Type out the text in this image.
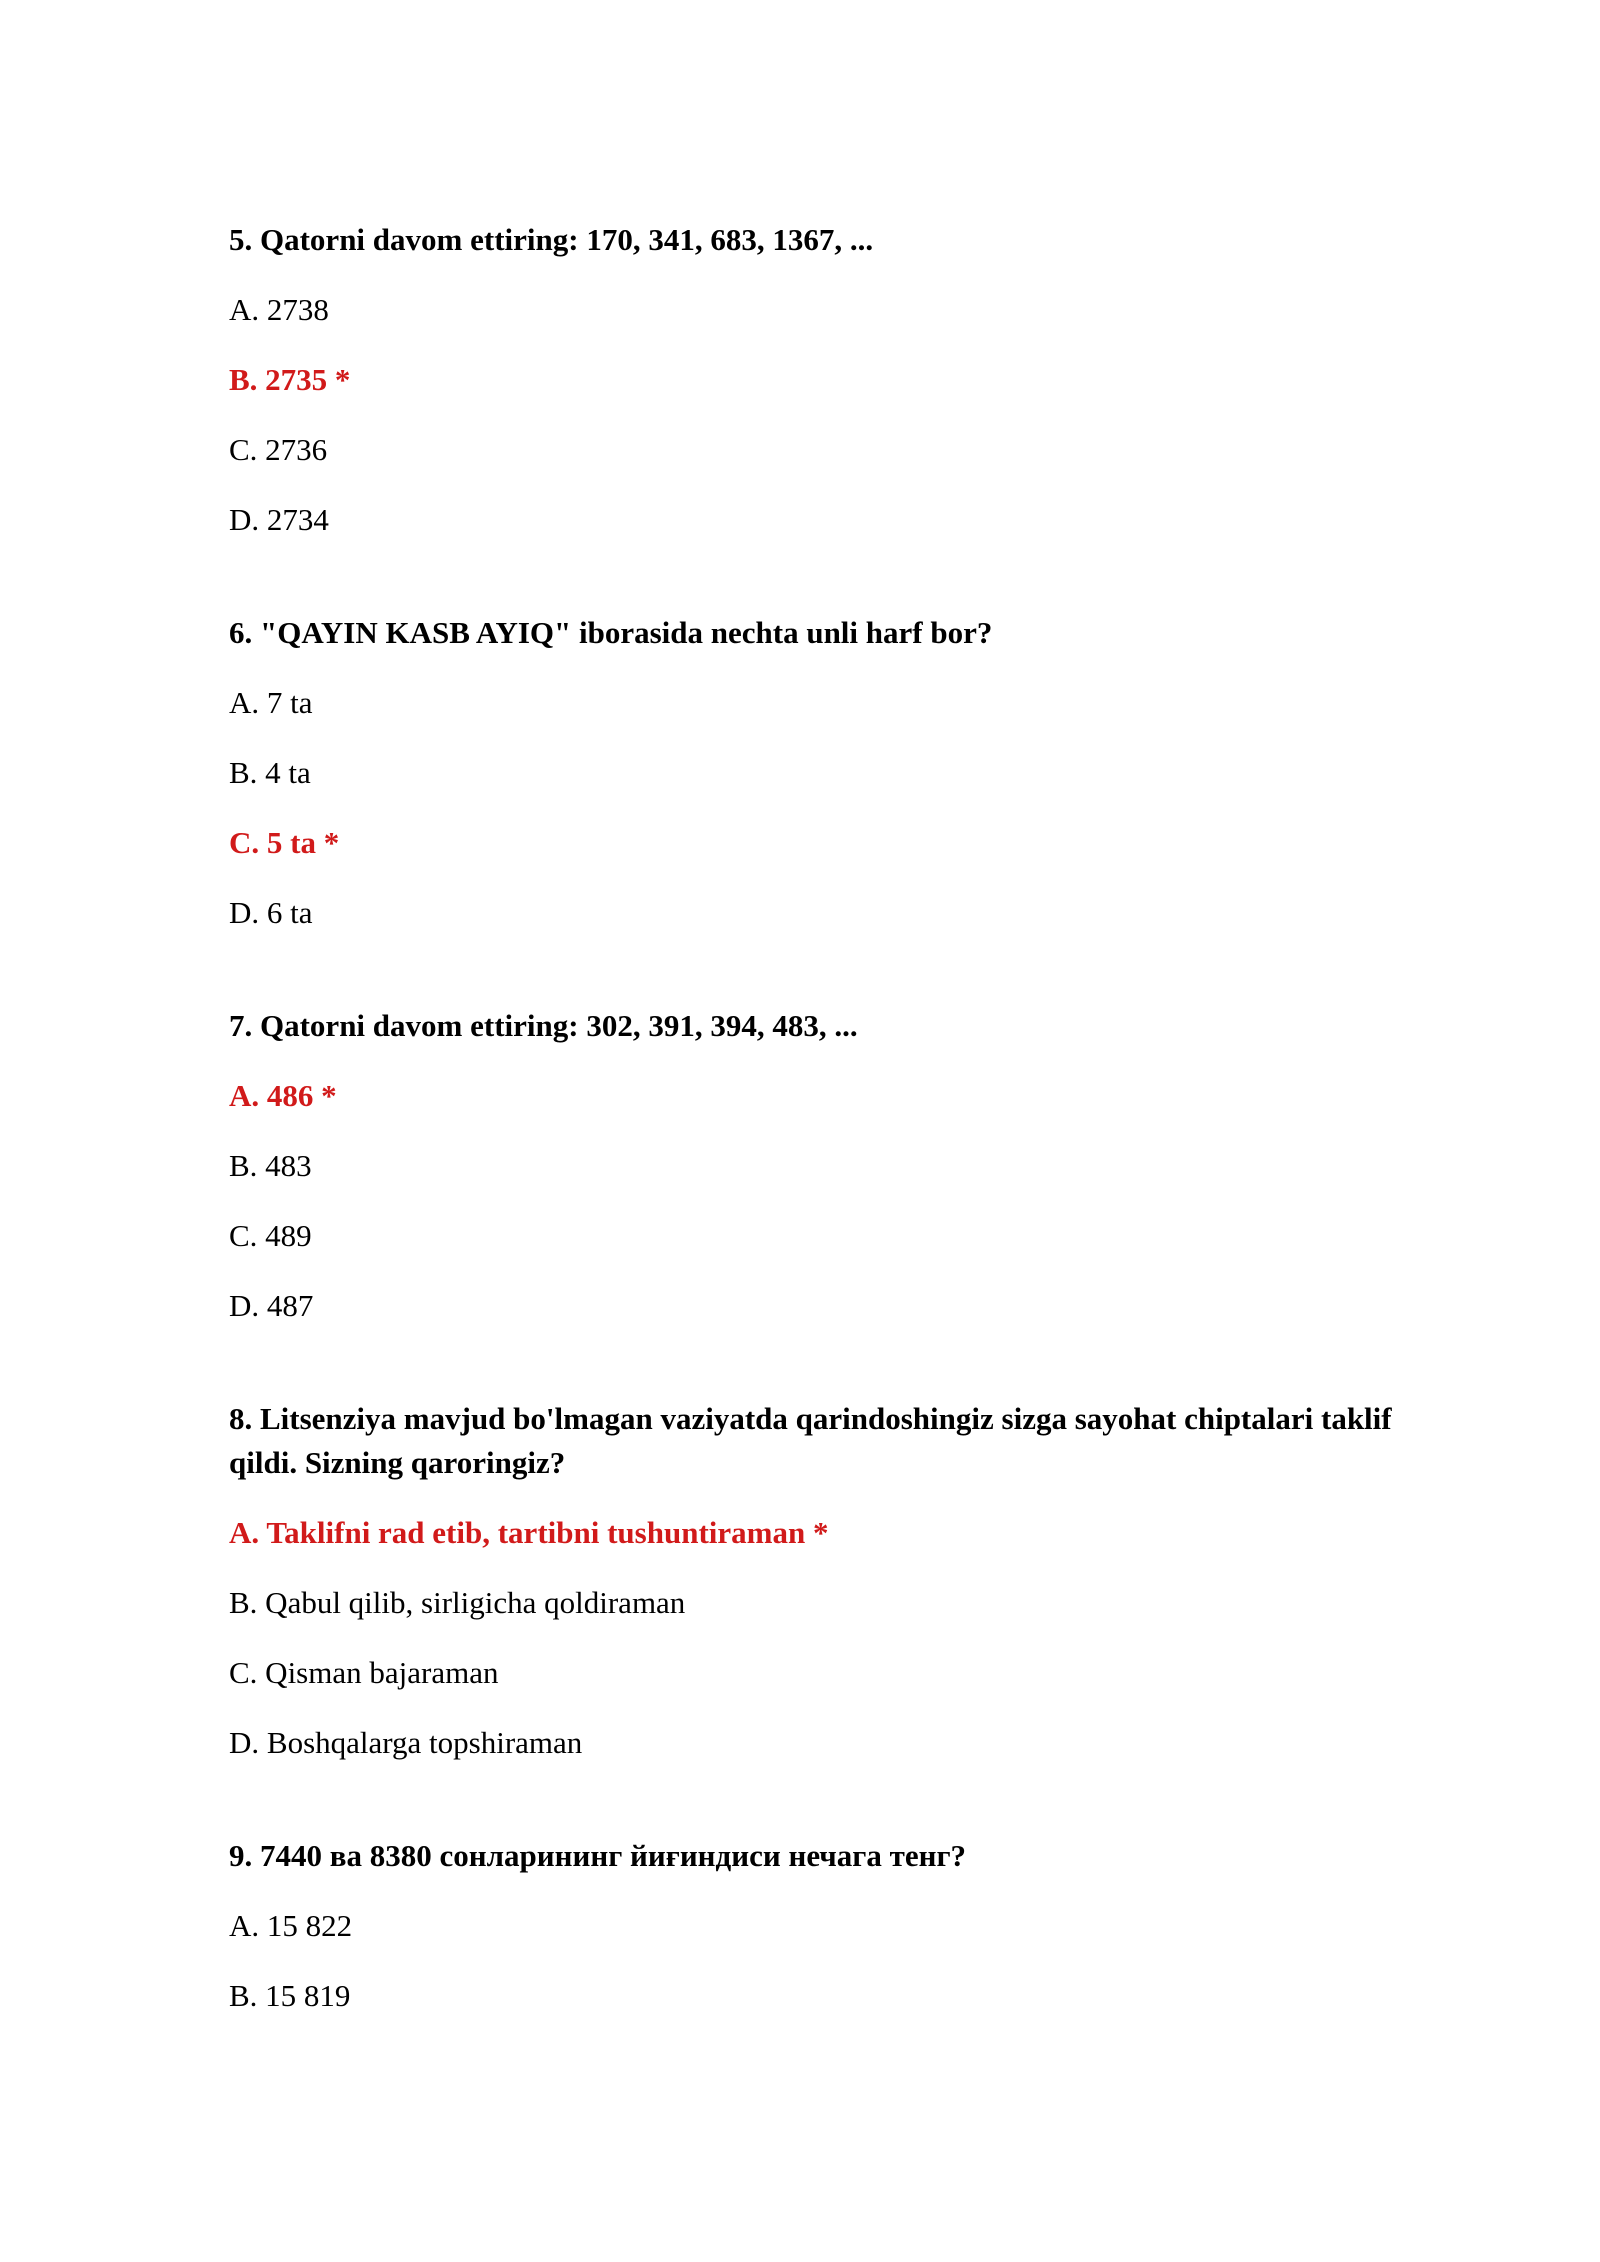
5. Qatorni davom ettiring: 170, 341, 683, 1367, ...
A. 2738
B. 2735 *
C. 2736
D. 2734
6. "QAYIN KASB AYIQ" iborasida nechta unli harf bor?
A. 7 ta
B. 4 ta
C. 5 ta *
D. 6 ta
7. Qatorni davom ettiring: 302, 391, 394, 483, ...
A. 486 *
B. 483
C. 489
D. 487
8. Litsenziya mavjud bo'lmagan vaziyatda qarindoshingiz sizga sayohat chiptalari taklif qildi. Sizning qaroringiz?
A. Taklifni rad etib, tartibni tushuntiraman *
B. Qabul qilib, sirligicha qoldiraman
C. Qisman bajaraman
D. Boshqalarga topshiraman
9. 7440 ва 8380 сонларининг йиғиндиси нечага тенг?
A. 15 822
B. 15 819
